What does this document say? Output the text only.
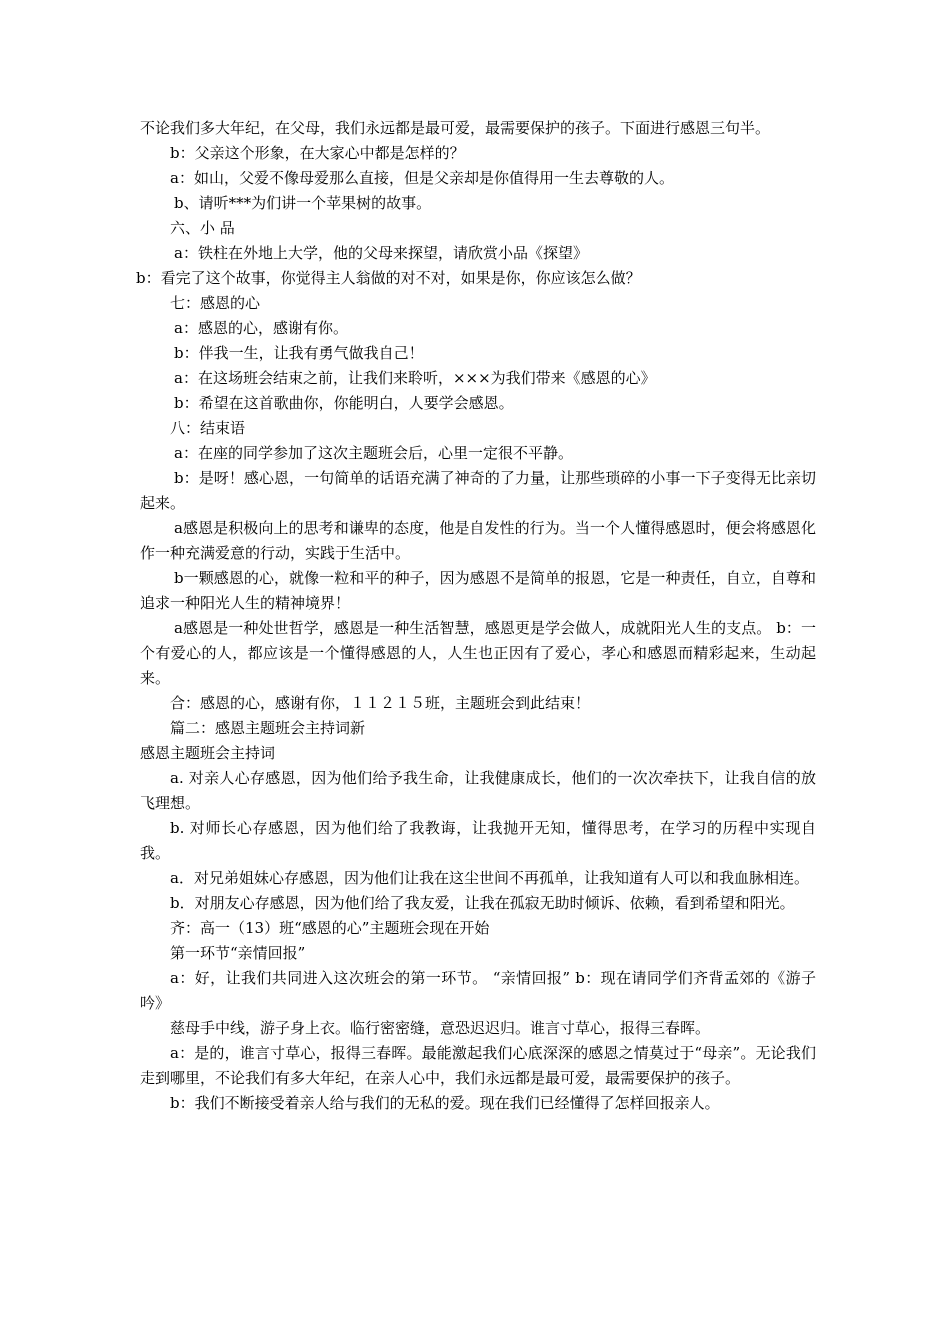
不论我们多大年纪，在父母，我们永远都是最可爱，最需要保护的孩子。下面进行感恩三句半。

b：父亲这个形象，在大家心中都是怎样的？

a：如山，父爱不像母爱那么直接，但是父亲却是你值得用一生去尊敬的人。

b、请听***为们讲一个苹果树的故事。

六、小 品

a：铁柱在外地上大学，他的父母来探望，请欣赏小品《探望》

b：看完了这个故事，你觉得主人翁做的对不对，如果是你，你应该怎么做？

七：感恩的心

a：感恩的心，感谢有你。

b：伴我一生，让我有勇气做我自己！

a：在这场班会结束之前，让我们来聆听，×××为我们带来《感恩的心》

b：希望在这首歌曲你，你能明白，人要学会感恩。

八：结束语

a：在座的同学参加了这次主题班会后，心里一定很不平静。

b：是呀！感心恩，一句简单的话语充满了神奇的了力量，让那些琐碎的小事一下子变得无比亲切起来。

a感恩是积极向上的思考和谦卑的态度，他是自发性的行为。当一个人懂得感恩时，便会将感恩化作一种充满爱意的行动，实践于生活中。

b一颗感恩的心，就像一粒和平的种子，因为感恩不是简单的报恩，它是一种责任，自立，自尊和追求一种阳光人生的精神境界！

a感恩是一种处世哲学，感恩是一种生活智慧，感恩更是学会做人，成就阳光人生的支点。 b：一个有爱心的人，都应该是一个懂得感恩的人，人生也正因有了爱心，孝心和感恩而精彩起来，生动起来。

合：感恩的心，感谢有你，１１２１５班，主题班会到此结束！

篇二：感恩主题班会主持词新

感恩主题班会主持词

a. 对亲人心存感恩，因为他们给予我生命，让我健康成长，他们的一次次牵扶下，让我自信的放飞理想。

b. 对师长心存感恩，因为他们给了我教诲，让我抛开无知，懂得思考，在学习的历程中实现自我。

a．对兄弟姐妹心存感恩，因为他们让我在这尘世间不再孤单，让我知道有人可以和我血脉相连。

b．对朋友心存感恩，因为他们给了我友爱，让我在孤寂无助时倾诉、依赖，看到希望和阳光。

齐：高一（13）班“感恩的心”主题班会现在开始

第一环节“亲情回报”

a：好，让我们共同进入这次班会的第一环节。 “亲情回报” b：现在请同学们齐背孟郊的《游子吟》

慈母手中线，游子身上衣。临行密密缝，意恐迟迟归。谁言寸草心，报得三春晖。

a：是的，谁言寸草心，报得三春晖。最能激起我们心底深深的感恩之情莫过于“母亲”。无论我们走到哪里，不论我们有多大年纪，在亲人心中，我们永远都是最可爱，最需要保护的孩子。

b：我们不断接受着亲人给与我们的无私的爱。现在我们已经懂得了怎样回报亲人。
